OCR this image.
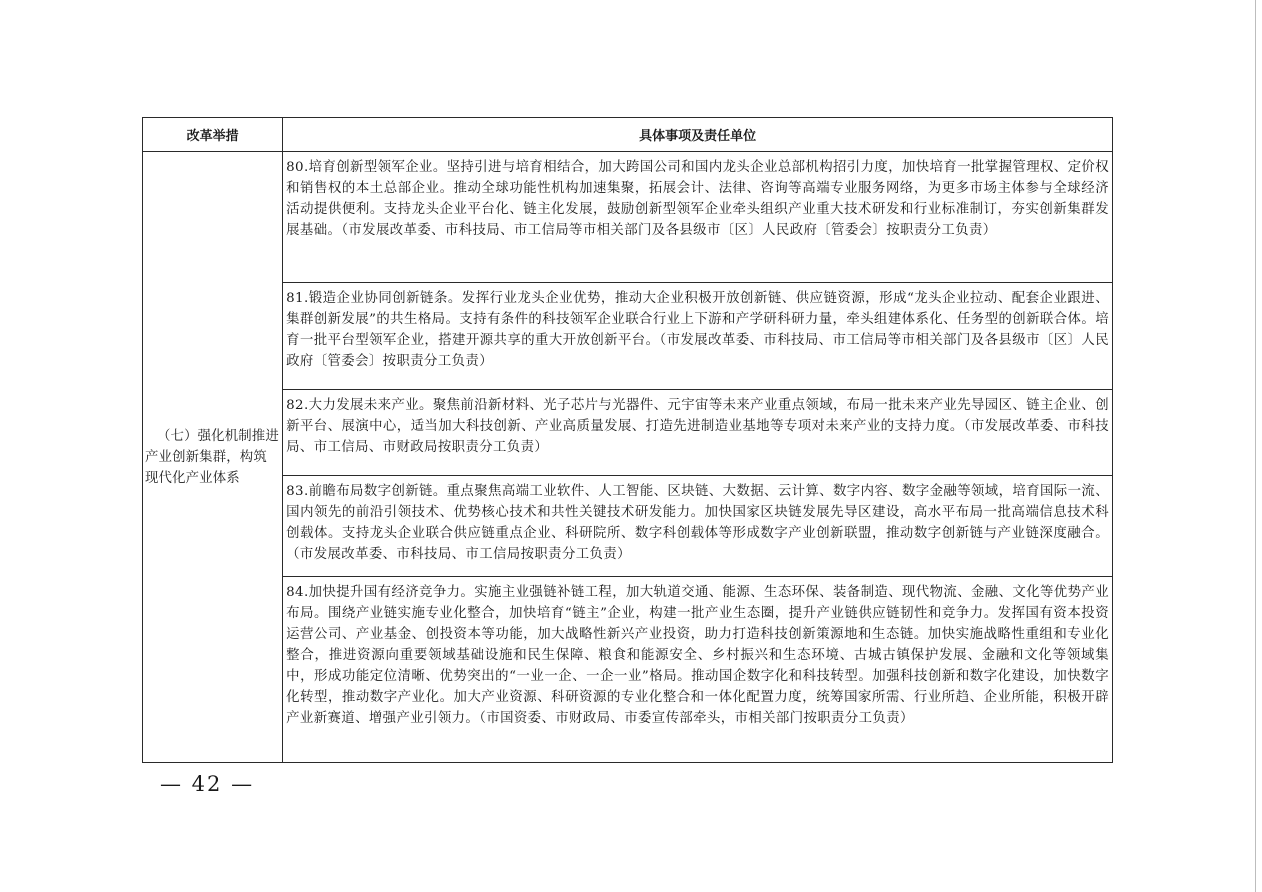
改革举措	具体事项及责任单位

（七）强化机制推进产业创新集群，构筑现代化产业体系	80.培育创新型领军企业。坚持引进与培育相结合，加大跨国公司和国内龙头企业总部机构招引力度，加快培育一批掌握管理权、定价权和销售权的本土总部企业。推动全球功能性机构加速集聚，拓展会计、法律、咨询等高端专业服务网络，为更多市场主体参与全球经济活动提供便利。支持龙头企业平台化、链主化发展，鼓励创新型领军企业牵头组织产业重大技术研发和行业标准制订，夯实创新集群发展基础。（市发展改革委、市科技局、市工信局等市相关部门及各县级市〔区〕人民政府〔管委会〕按职责分工负责）

	81.锻造企业协同创新链条。发挥行业龙头企业优势，推动大企业积极开放创新链、供应链资源，形成“龙头企业拉动、配套企业跟进、集群创新发展”的共生格局。支持有条件的科技领军企业联合行业上下游和产学研科研力量，牵头组建体系化、任务型的创新联合体。培育一批平台型领军企业，搭建开源共享的重大开放创新平台。（市发展改革委、市科技局、市工信局等市相关部门及各县级市〔区〕人民政府〔管委会〕按职责分工负责）

	82.大力发展未来产业。聚焦前沿新材料、光子芯片与光器件、元宇宙等未来产业重点领域，布局一批未来产业先导园区、链主企业、创新平台、展演中心，适当加大科技创新、产业高质量发展、打造先进制造业基地等专项对未来产业的支持力度。（市发展改革委、市科技局、市工信局、市财政局按职责分工负责）

	83.前瞻布局数字创新链。重点聚焦高端工业软件、人工智能、区块链、大数据、云计算、数字内容、数字金融等领域，培育国际一流、国内领先的前沿引领技术、优势核心技术和共性关键技术研发能力。加快国家区块链发展先导区建设，高水平布局一批高端信息技术科创载体。支持龙头企业联合供应链重点企业、科研院所、数字科创载体等形成数字产业创新联盟，推动数字创新链与产业链深度融合。（市发展改革委、市科技局、市工信局按职责分工负责）

	84.加快提升国有经济竞争力。实施主业强链补链工程，加大轨道交通、能源、生态环保、装备制造、现代物流、金融、文化等优势产业布局。围绕产业链实施专业化整合，加快培育“链主”企业，构建一批产业生态圈，提升产业链供应链韧性和竞争力。发挥国有资本投资运营公司、产业基金、创投资本等功能，加大战略性新兴产业投资，助力打造科技创新策源地和生态链。加快实施战略性重组和专业化整合，推进资源向重要领域基础设施和民生保障、粮食和能源安全、乡村振兴和生态环境、古城古镇保护发展、金融和文化等领域集中，形成功能定位清晰、优势突出的“一业一企、一企一业”格局。推动国企数字化和科技转型。加强科技创新和数字化建设，加快数字化转型，推动数字产业化。加大产业资源、科研资源的专业化整合和一体化配置力度，统筹国家所需、行业所趋、企业所能，积极开辟产业新赛道、增强产业引领力。（市国资委、市财政局、市委宣传部牵头，市相关部门按职责分工负责）
— 42 —
